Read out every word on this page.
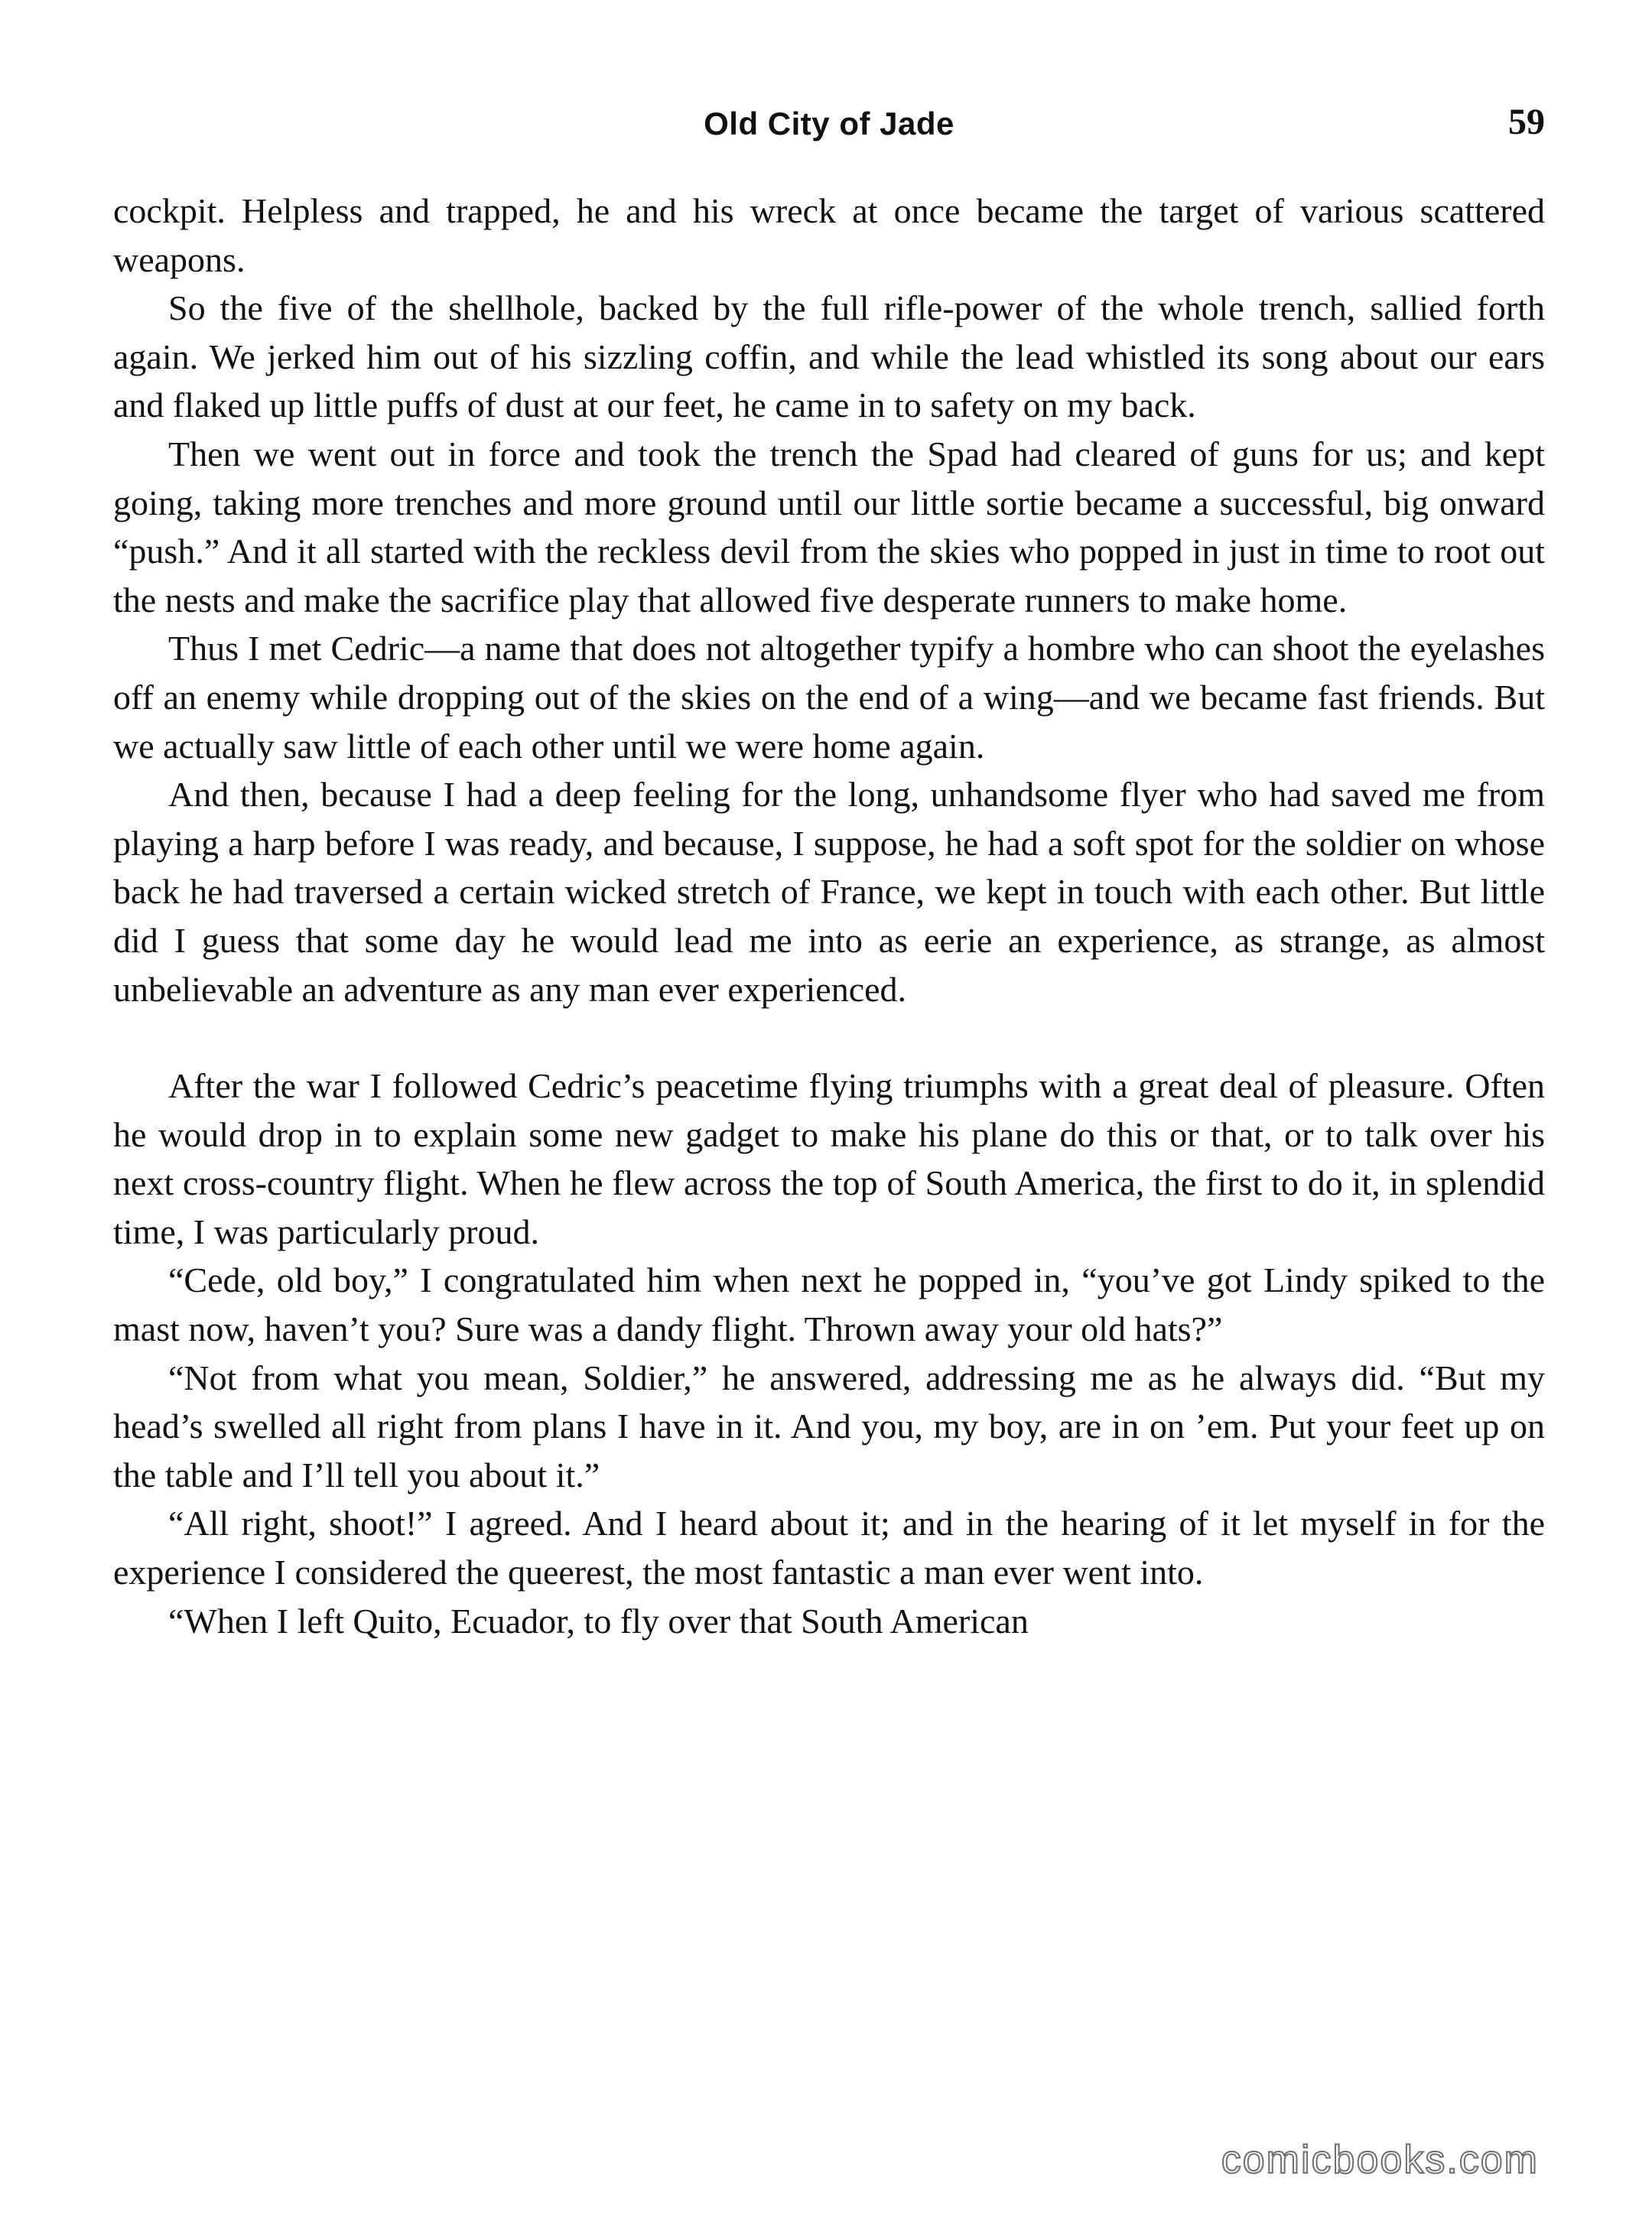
Old City of Jade	59

cockpit. Helpless and trapped, he and his wreck at once became the target of various scattered weapons.

So the five of the shellhole, backed by the full rifle-power of the whole trench, sallied forth again. We jerked him out of his sizzling coffin, and while the lead whistled its song about our ears and flaked up little puffs of dust at our feet, he came in to safety on my back.

Then we went out in force and took the trench the Spad had cleared of guns for us; and kept going, taking more trenches and more ground until our little sortie became a successful, big onward “push.” And it all started with the reckless devil from the skies who popped in just in time to root out the nests and make the sacrifice play that allowed five desperate runners to make home.

Thus I met Cedric—a name that does not altogether typify a hombre who can shoot the eyelashes off an enemy while dropping out of the skies on the end of a wing—and we became fast friends. But we actually saw little of each other until we were home again.

And then, because I had a deep feeling for the long, unhandsome flyer who had saved me from playing a harp before I was ready, and because, I suppose, he had a soft spot for the soldier on whose back he had traversed a certain wicked stretch of France, we kept in touch with each other. But little did I guess that some day he would lead me into as eerie an experience, as strange, as almost unbelievable an adventure as any man ever experienced.

After the war I followed Cedric’s peacetime flying triumphs with a great deal of pleasure. Often he would drop in to explain some new gadget to make his plane do this or that, or to talk over his next cross-country flight. When he flew across the top of South America, the first to do it, in splendid time, I was particularly proud.

“Cede, old boy,” I congratulated him when next he popped in, “you’ve got Lindy spiked to the mast now, haven’t you? Sure was a dandy flight. Thrown away your old hats?”

“Not from what you mean, Soldier,” he answered, addressing me as he always did. “But my head’s swelled all right from plans I have in it. And you, my boy, are in on ’em. Put your feet up on the table and I’ll tell you about it.”

“All right, shoot!” I agreed. And I heard about it; and in the hearing of it let myself in for the experience I considered the queerest, the most fantastic a man ever went into.

“When I left Quito, Ecuador, to fly over that South American

comicbooks.com
